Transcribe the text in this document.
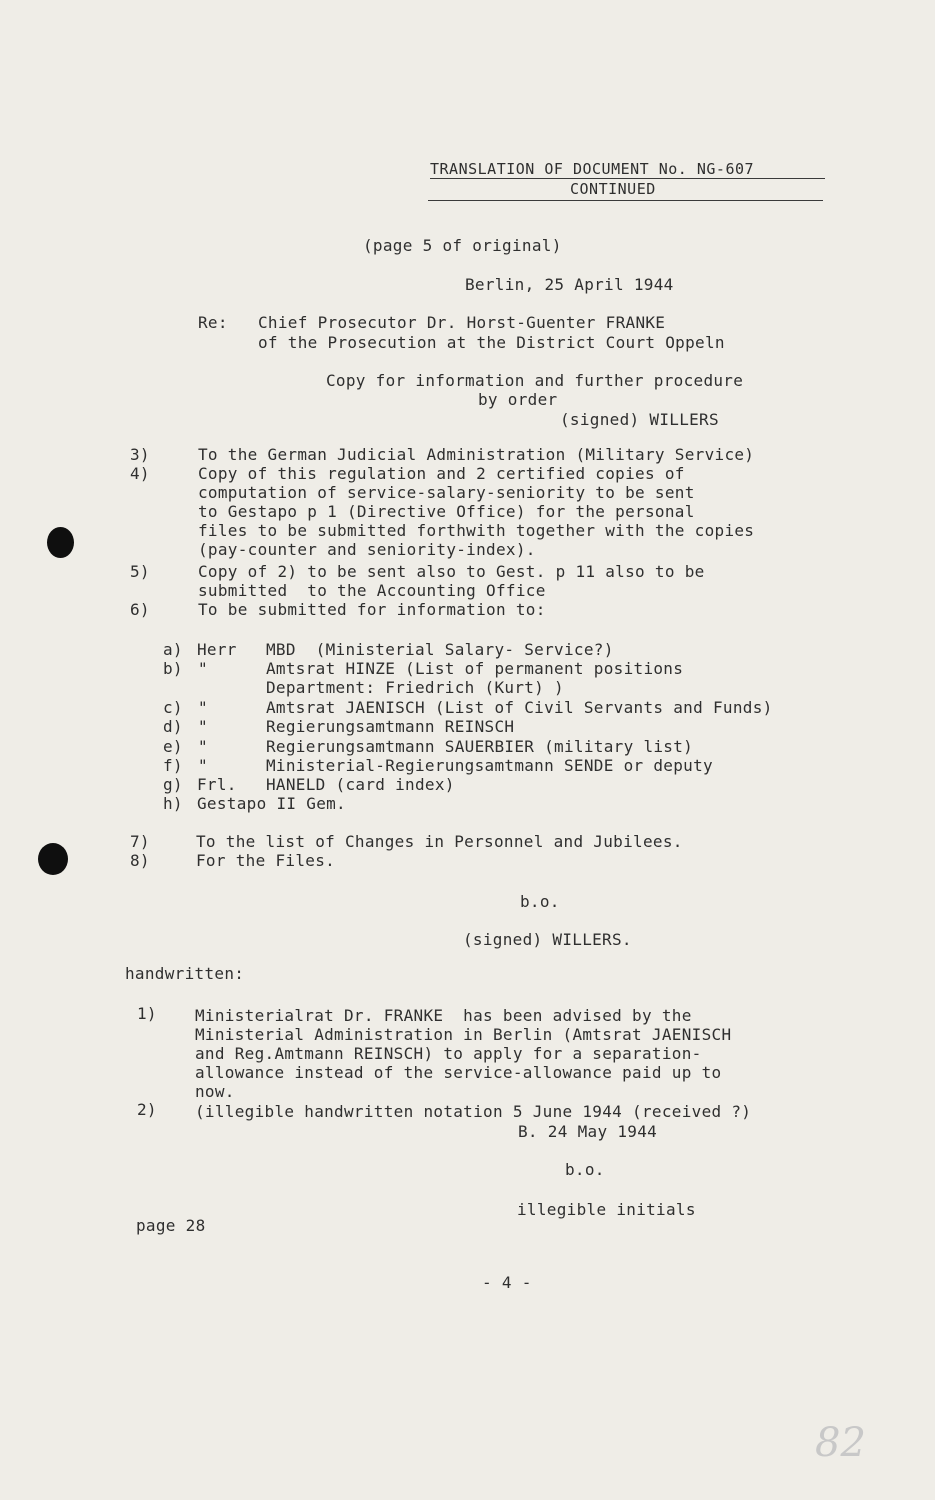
TRANSLATION OF DOCUMENT No. NG-607
CONTINUED
(page 5 of original)
Berlin, 25 April 1944
Re: Chief Prosecutor Dr. Horst-Guenter FRANKE
of the Prosecution at the District Court Oppeln
Copy for information and further procedure
by order
(signed) WILLERS
3)	To the German Judicial Administration (Military Service)
4)	Copy of this regulation and 2 certified copies of
computation of service-salary-seniority to be sent
to Gestapo p 1 (Directive Office) for the personal
files to be submitted forthwith together with the copies
(pay-counter and seniority-index).
5)	Copy of 2) to be sent also to Gest. p 11 also to be
submitted  to the Accounting Office
6)	To be submitted for information to:
a) Herr MBD  (Ministerial Salary- Service?)
b) "	Amtsrat HINZE (List of permanent positions
Department: Friedrich (Kurt) )
c) "	Amtsrat JAENISCH (List of Civil Servants and Funds)
d) "	Regierungsamtmann REINSCH
e) "	Regierungsamtmann SAUERBIER (military list)
f) "	Ministerial-Regierungsamtmann SENDE or deputy
g) Frl. HANELD (card index)
h) Gestapo II Gem.
7)	To the list of Changes in Personnel and Jubilees.
8)	For the Files.
b.o.
(signed) WILLERS.
handwritten:
1) Ministerialrat Dr. FRANKE  has been advised by the
Ministerial Administration in Berlin (Amtsrat JAENISCH
and Reg.Amtmann REINSCH) to apply for a separation-
allowance instead of the service-allowance paid up to
now.
2) (illegible handwritten notation 5 June 1944 (received ?)
B. 24 May 1944
b.o.
illegible initials
page 28
- 4 -
82
